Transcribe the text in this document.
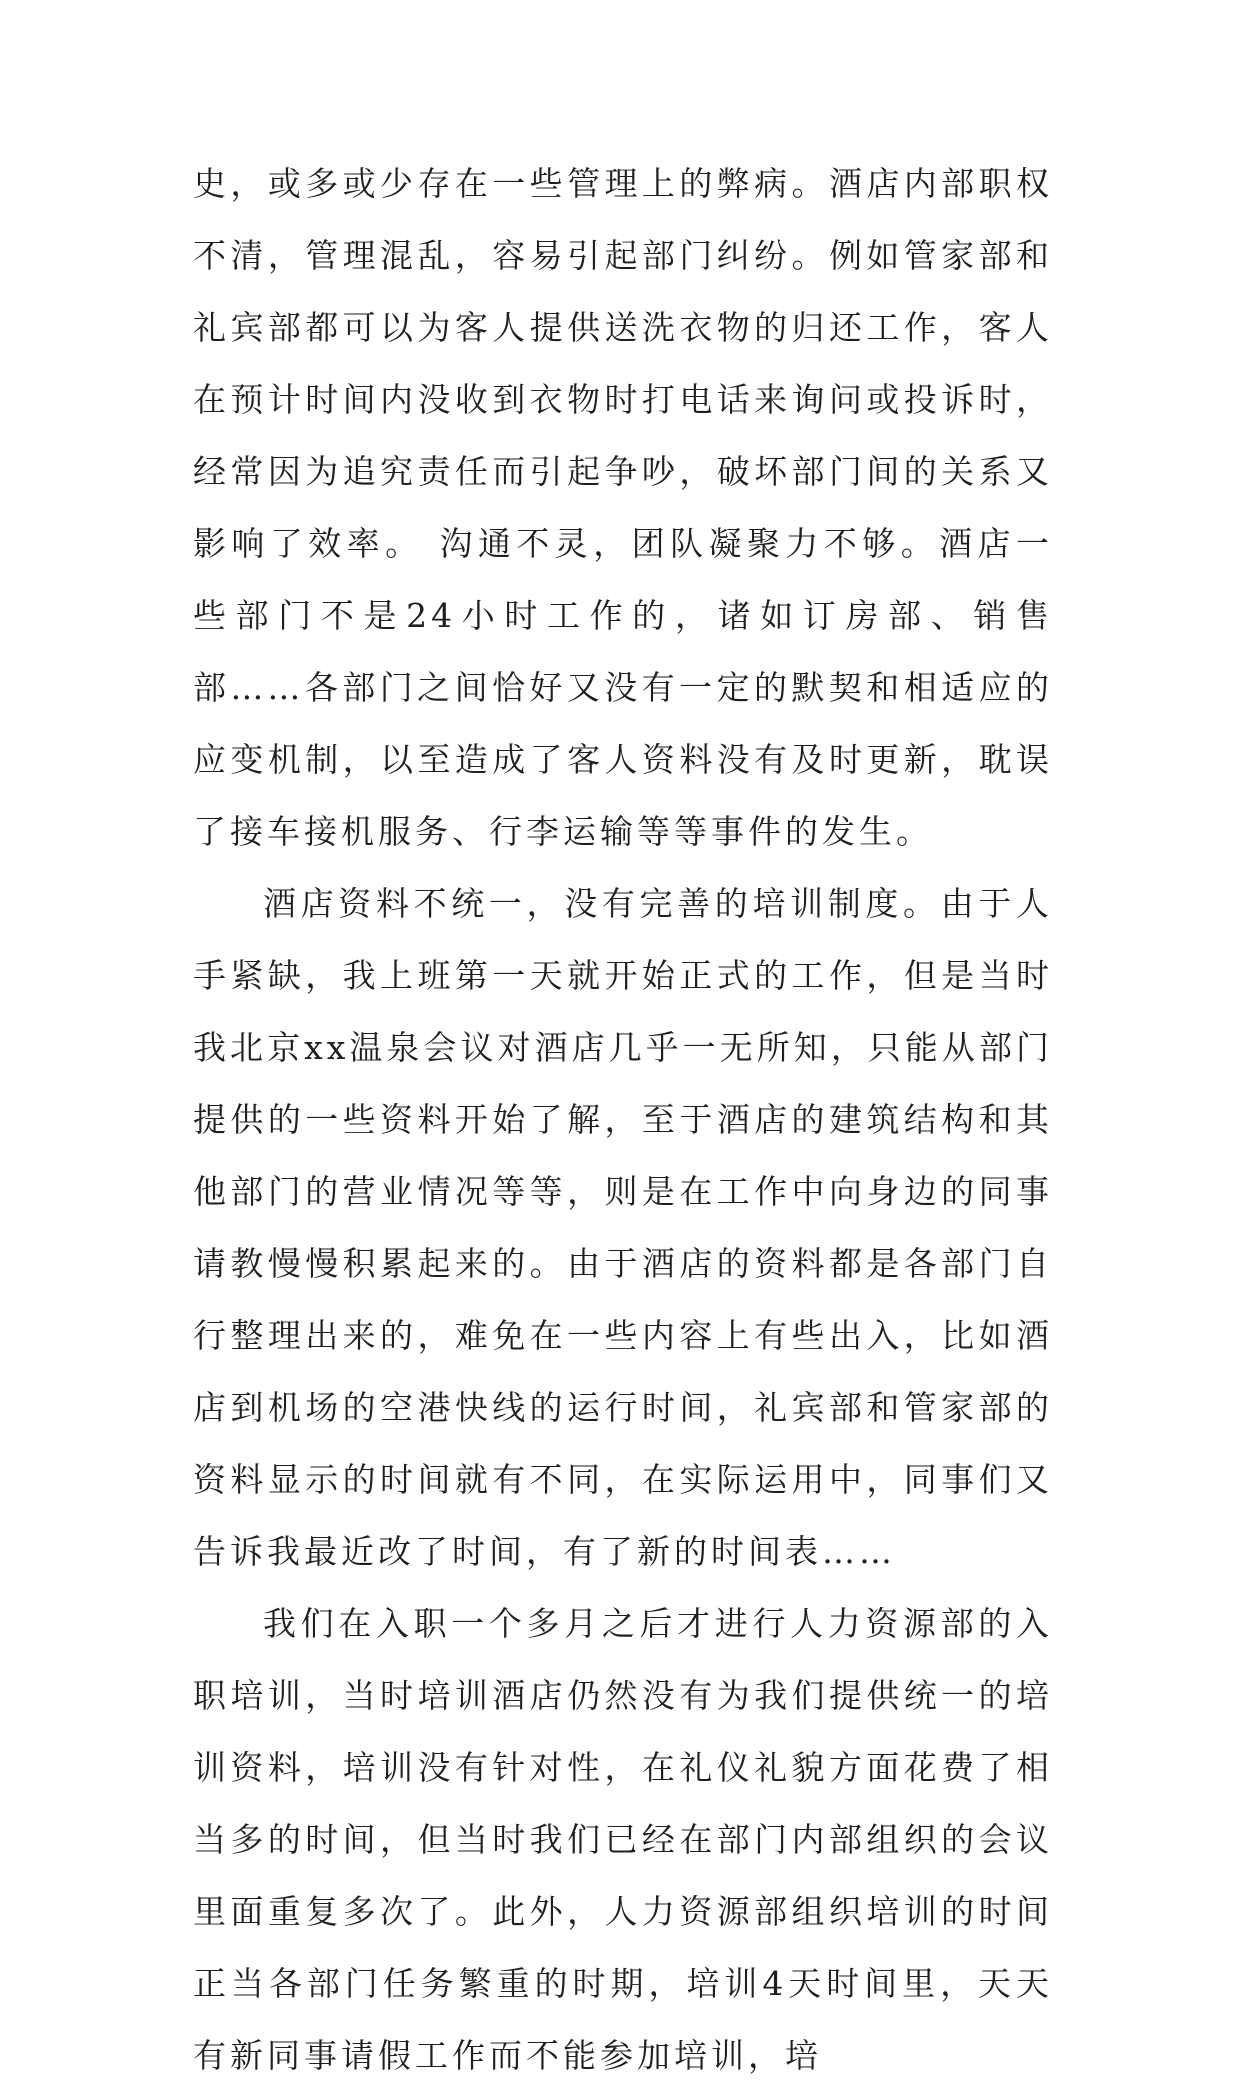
史，或多或少存在一些管理上的弊病。酒店内部职权不清，管理混乱，容易引起部门纠纷。例如管家部和礼宾部都可以为客人提供送洗衣物的归还工作，客人在预计时间内没收到衣物时打电话来询问或投诉时，经常因为追究责任而引起争吵，破坏部门间的关系又影响了效率。 沟通不灵，团队凝聚力不够。酒店一些部门不是24小时工作的，诸如订房部、销售部……各部门之间恰好又没有一定的默契和相适应的应变机制，以至造成了客人资料没有及时更新，耽误了接车接机服务、行李运输等等事件的发生。

酒店资料不统一，没有完善的培训制度。由于人手紧缺，我上班第一天就开始正式的工作，但是当时我北京xx温泉会议对酒店几乎一无所知，只能从部门提供的一些资料开始了解，至于酒店的建筑结构和其他部门的营业情况等等，则是在工作中向身边的同事请教慢慢积累起来的。由于酒店的资料都是各部门自行整理出来的，难免在一些内容上有些出入，比如酒店到机场的空港快线的运行时间，礼宾部和管家部的资料显示的时间就有不同，在实际运用中，同事们又告诉我最近改了时间，有了新的时间表……

我们在入职一个多月之后才进行人力资源部的入职培训，当时培训酒店仍然没有为我们提供统一的培训资料，培训没有针对性，在礼仪礼貌方面花费了相当多的时间，但当时我们已经在部门内部组织的会议里面重复多次了。此外，人力资源部组织培训的时间正当各部门任务繁重的时期，培训4天时间里，天天有新同事请假工作而不能参加培训，培
